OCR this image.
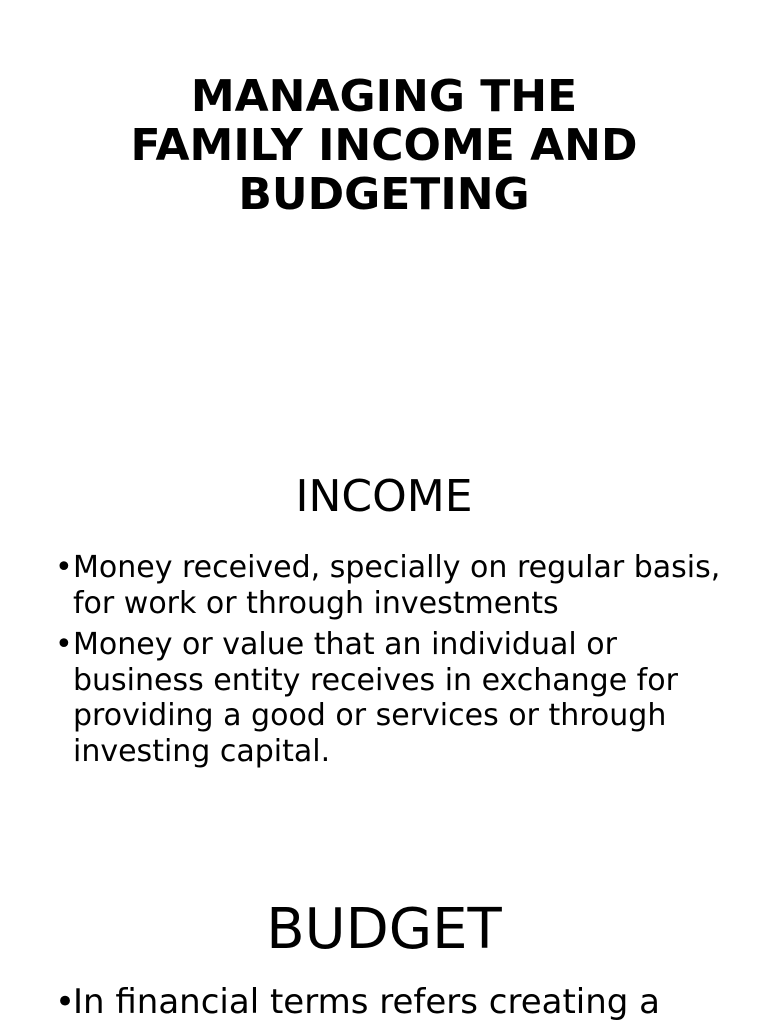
MANAGING THE
FAMILY INCOME AND
BUDGETING
INCOME
• Money received, specially on regular basis, for work or through investments
• Money or value that an individual or business entity receives in exchange for providing a good or services or through investing capital.
BUDGET
•
In financial terms refers creating a
